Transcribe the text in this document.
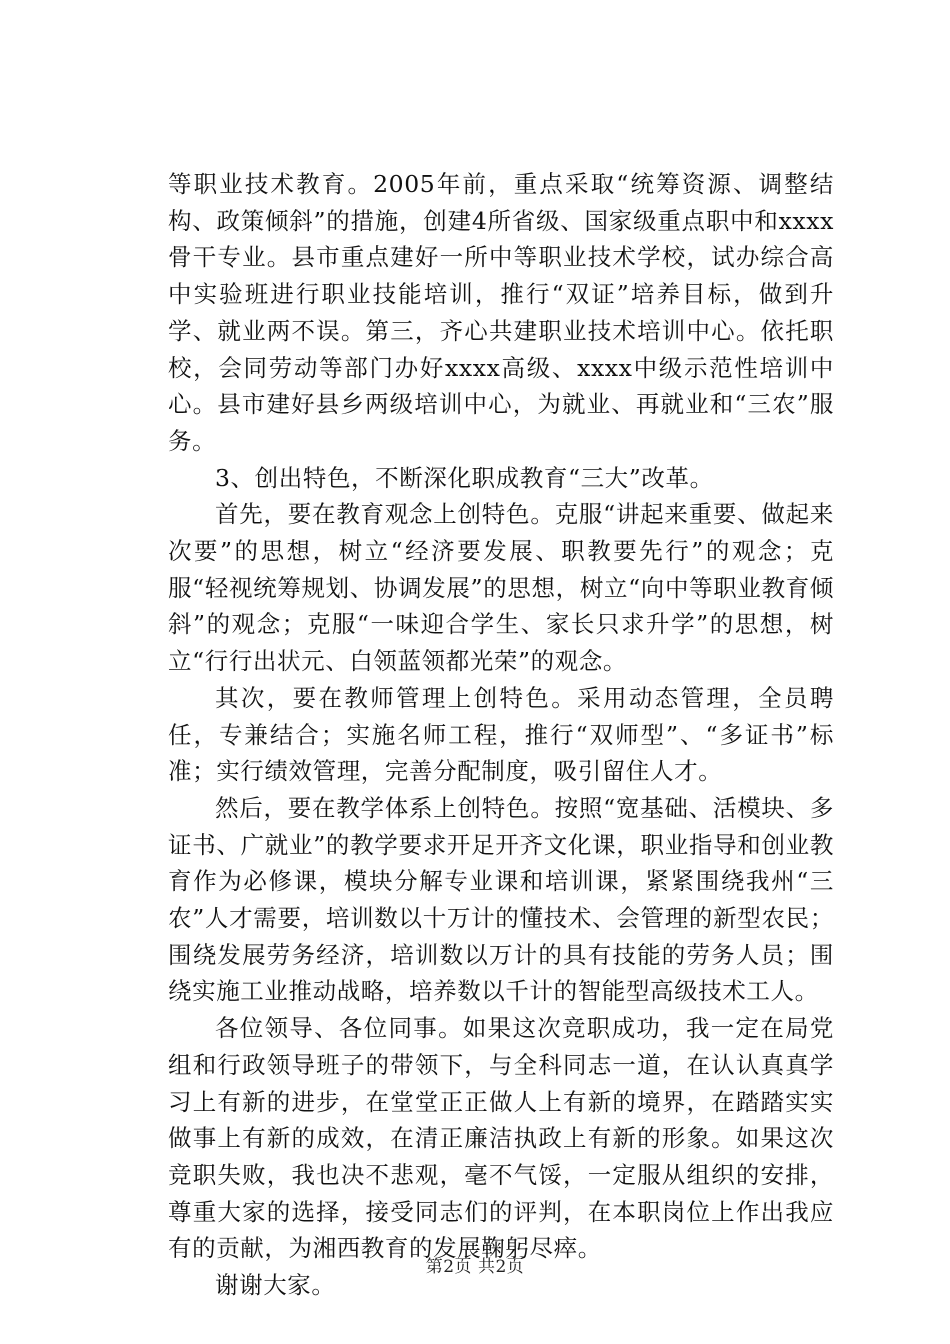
等职业技术教育。2005年前，重点采取“统筹资源、调整结构、政策倾斜”的措施，创建4所省级、国家级重点职中和xxxx骨干专业。县市重点建好一所中等职业技术学校，试办综合高中实验班进行职业技能培训，推行“双证”培养目标，做到升学、就业两不误。第三，齐心共建职业技术培训中心。依托职校，会同劳动等部门办好xxxx高级、xxxx中级示范性培训中心。县市建好县乡两级培训中心，为就业、再就业和“三农”服务。

3、创出特色，不断深化职成教育“三大”改革。

首先，要在教育观念上创特色。克服“讲起来重要、做起来次要”的思想，树立“经济要发展、职教要先行”的观念；克服“轻视统筹规划、协调发展”的思想，树立“向中等职业教育倾斜”的观念；克服“一味迎合学生、家长只求升学”的思想，树立“行行出状元、白领蓝领都光荣”的观念。

其次，要在教师管理上创特色。采用动态管理，全员聘任，专兼结合；实施名师工程，推行“双师型”、“多证书”标准；实行绩效管理，完善分配制度，吸引留住人才。

然后，要在教学体系上创特色。按照“宽基础、活模块、多证书、广就业”的教学要求开足开齐文化课，职业指导和创业教育作为必修课，模块分解专业课和培训课，紧紧围绕我州“三农”人才需要，培训数以十万计的懂技术、会管理的新型农民；围绕发展劳务经济，培训数以万计的具有技能的劳务人员；围绕实施工业推动战略，培养数以千计的智能型高级技术工人。

各位领导、各位同事。如果这次竞职成功，我一定在局党组和行政领导班子的带领下，与全科同志一道，在认认真真学习上有新的进步，在堂堂正正做人上有新的境界，在踏踏实实做事上有新的成效，在清正廉洁执政上有新的形象。如果这次竞职失败，我也决不悲观，毫不气馁，一定服从组织的安排，尊重大家的选择，接受同志们的评判，在本职岗位上作出我应有的贡献，为湘西教育的发展鞠躬尽瘁。

谢谢大家。

第2页 共2页
